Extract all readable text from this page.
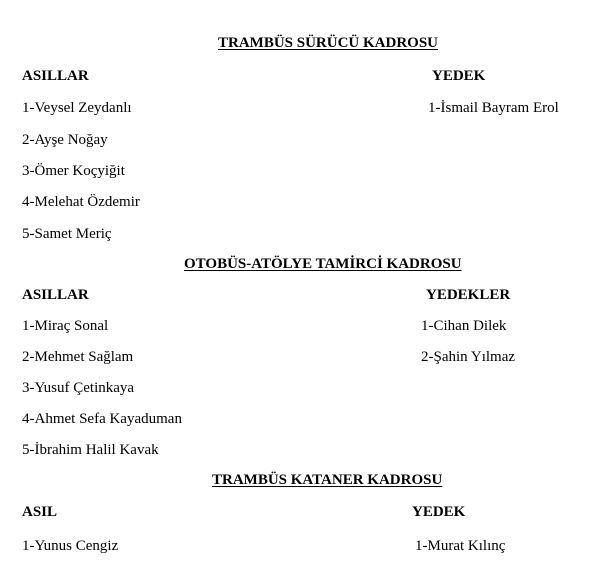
TRAMBÜS SÜRÜCÜ KADROSU
ASILLAR	YEDEK
1-Veysel Zeydanlı	1-İsmail Bayram Erol
2-Ayşe Noğay
3-Ömer Koçyiğit
4-Melehat Özdemir
5-Samet Meriç
OTOBÜS-ATÖLYE TAMİRCİ KADROSU
ASILLAR	YEDEKLER
1-Miraç Sonal	1-Cihan Dilek
2-Mehmet Sağlam	2-Şahin Yılmaz
3-Yusuf Çetinkaya
4-Ahmet Sefa Kayaduman
5-İbrahim Halil Kavak
TRAMBÜS KATANER KADROSU
ASIL	YEDEK
1-Yunus Cengiz	1-Murat Kılınç
